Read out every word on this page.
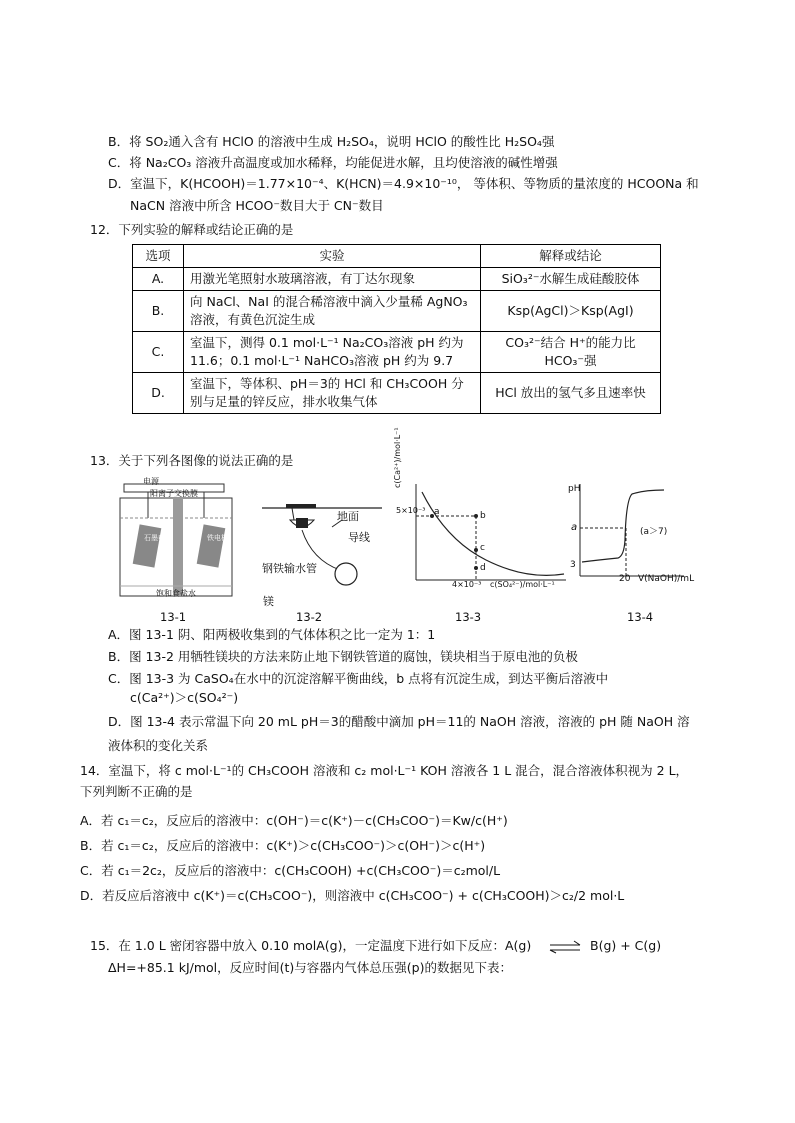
B．将 SO₂通入含有 HClO 的溶液中生成 H₂SO₄，说明 HClO 的酸性比 H₂SO₄强
C．将 Na₂CO₃ 溶液升高温度或加水稀释，均能促进水解，且均使溶液的碱性增强
D．室温下，K(HCOOH)＝1.77×10⁻⁴、K(HCN)＝4.9×10⁻¹⁰， 等体积、等物质的量浓度的 HCOONa 和
NaCN 溶液中所含 HCOO⁻数目大于 CN⁻数目
12．下列实验的解释或结论正确的是
选项	实验	解释或结论
A.	用激光笔照射水玻璃溶液，有丁达尔现象	SiO₃²⁻水解生成硅酸胶体
B.	向 NaCl、NaI 的混合稀溶液中滴入少量稀 AgNO₃ 溶液，有黄色沉淀生成	Ksp(AgCl)＞Ksp(AgI)
C.	室温下，测得 0.1 mol·L⁻¹ Na₂CO₃溶液 pH 约为 11.6；0.1 mol·L⁻¹ NaHCO₃溶液 pH 约为 9.7	CO₃²⁻结合 H⁺的能力比 HCO₃⁻强
D.	室温下，等体积、pH＝3的 HCl 和 CH₃COOH 分别与足量的锌反应，排水收集气体	HCl 放出的氢气多且速率快
13．关于下列各图像的说法正确的是
电源
阳离子交换膜
石墨电极	铁电极
饱和食盐水
13-1
地面
导线
钢铁输水管
镁
13-2
c(Ca²⁺)/mol·L⁻¹
5×10⁻³ a	b
c
d
4×10⁻³ c(SO₄²⁻)/mol·L⁻¹
13-3
pH
a	(a＞7)
3
20 V(NaOH)/mL
13-4
A．图 13-1 阴、阳两极收集到的气体体积之比一定为 1：1
B．图 13-2 用牺牲镁块的方法来防止地下钢铁管道的腐蚀，镁块相当于原电池的负极
C．图 13-3 为 CaSO₄在水中的沉淀溶解平衡曲线，b 点将有沉淀生成，到达平衡后溶液中
c(Ca²⁺)＞c(SO₄²⁻)
D．图 13-4 表示常温下向 20 mL pH＝3的醋酸中滴加 pH＝11的 NaOH 溶液，溶液的 pH 随 NaOH 溶
液体积的变化关系
14．室温下，将 c mol·L⁻¹的 CH₃COOH 溶液和 c₂ mol·L⁻¹ KOH 溶液各 1 L 混合，混合溶液体积视为 2 L，
下列判断不正确的是
A．若 c₁＝c₂，反应后的溶液中：c(OH⁻)＝c(K⁺)－c(CH₃COO⁻)＝Kw/c(H⁺)
B．若 c₁＝c₂，反应后的溶液中：c(K⁺)＞c(CH₃COO⁻)＞c(OH⁻)＞c(H⁺)
C．若 c₁＝2c₂，反应后的溶液中：c(CH₃COOH) +c(CH₃COO⁻)＝c₂mol/L
D．若反应后溶液中 c(K⁺)＝c(CH₃COO⁻)，则溶液中 c(CH₃COO⁻) + c(CH₃COOH)＞c₂/2 mol·L
15．在 1.0 L 密闭容器中放入 0.10 molA(g)，一定温度下进行如下反应：A(g) ⇌ B(g) + C(g)
ΔH=+85.1 kJ/mol，反应时间(t)与容器内气体总压强(p)的数据见下表：
